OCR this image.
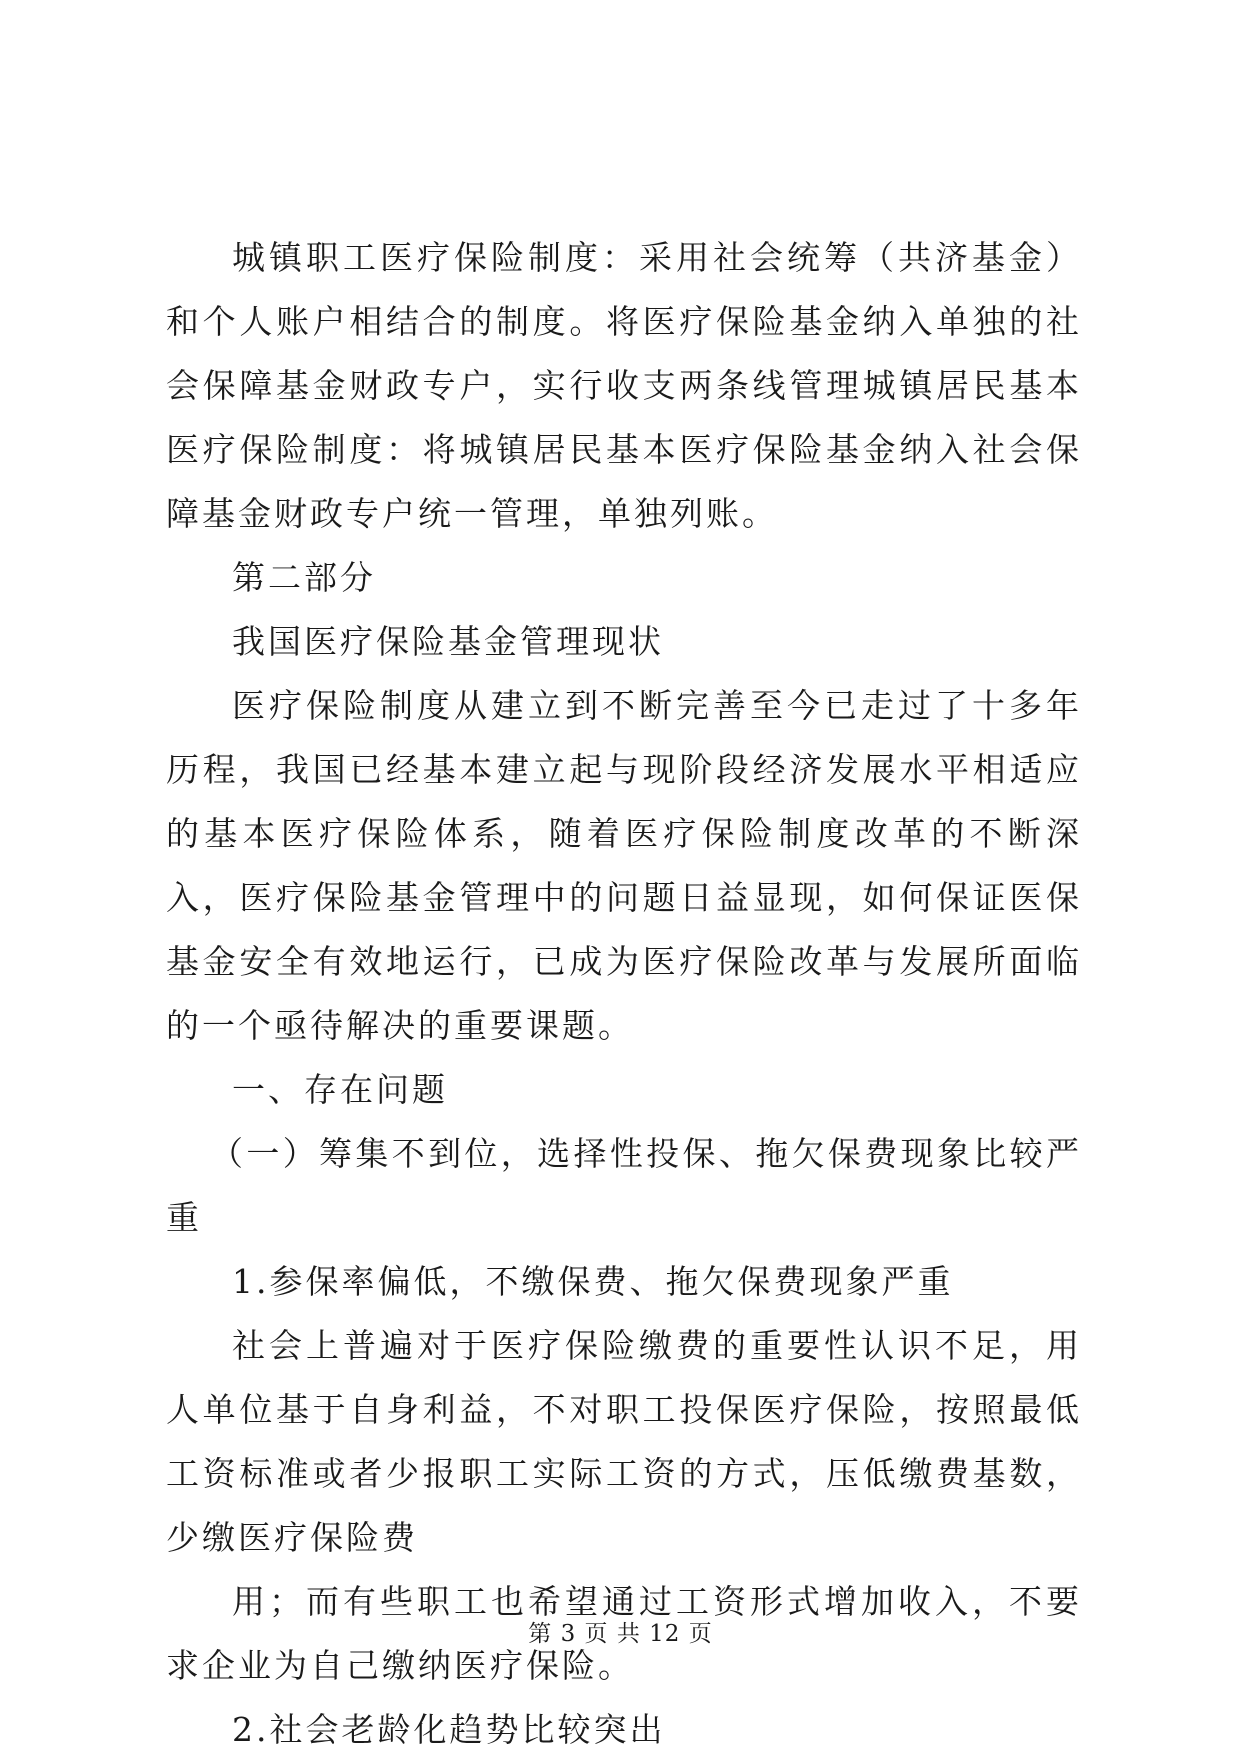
城镇职工医疗保险制度：采用社会统筹（共济基金）和个人账户相结合的制度。将医疗保险基金纳入单独的社会保障基金财政专户，实行收支两条线管理城镇居民基本医疗保险制度：将城镇居民基本医疗保险基金纳入社会保障基金财政专户统一管理，单独列账。

第二部分

我国医疗保险基金管理现状

医疗保险制度从建立到不断完善至今已走过了十多年历程，我国已经基本建立起与现阶段经济发展水平相适应的基本医疗保险体系，随着医疗保险制度改革的不断深入，医疗保险基金管理中的问题日益显现，如何保证医保基金安全有效地运行，已成为医疗保险改革与发展所面临的一个亟待解决的重要课题。

一、存在问题

（一）筹集不到位，选择性投保、拖欠保费现象比较严重

1.参保率偏低，不缴保费、拖欠保费现象严重

社会上普遍对于医疗保险缴费的重要性认识不足，用人单位基于自身利益，不对职工投保医疗保险，按照最低工资标准或者少报职工实际工资的方式，压低缴费基数，少缴医疗保险费

用；而有些职工也希望通过工资形式增加收入，不要求企业为自己缴纳医疗保险。

2.社会老龄化趋势比较突出

第 3 页 共 12 页
